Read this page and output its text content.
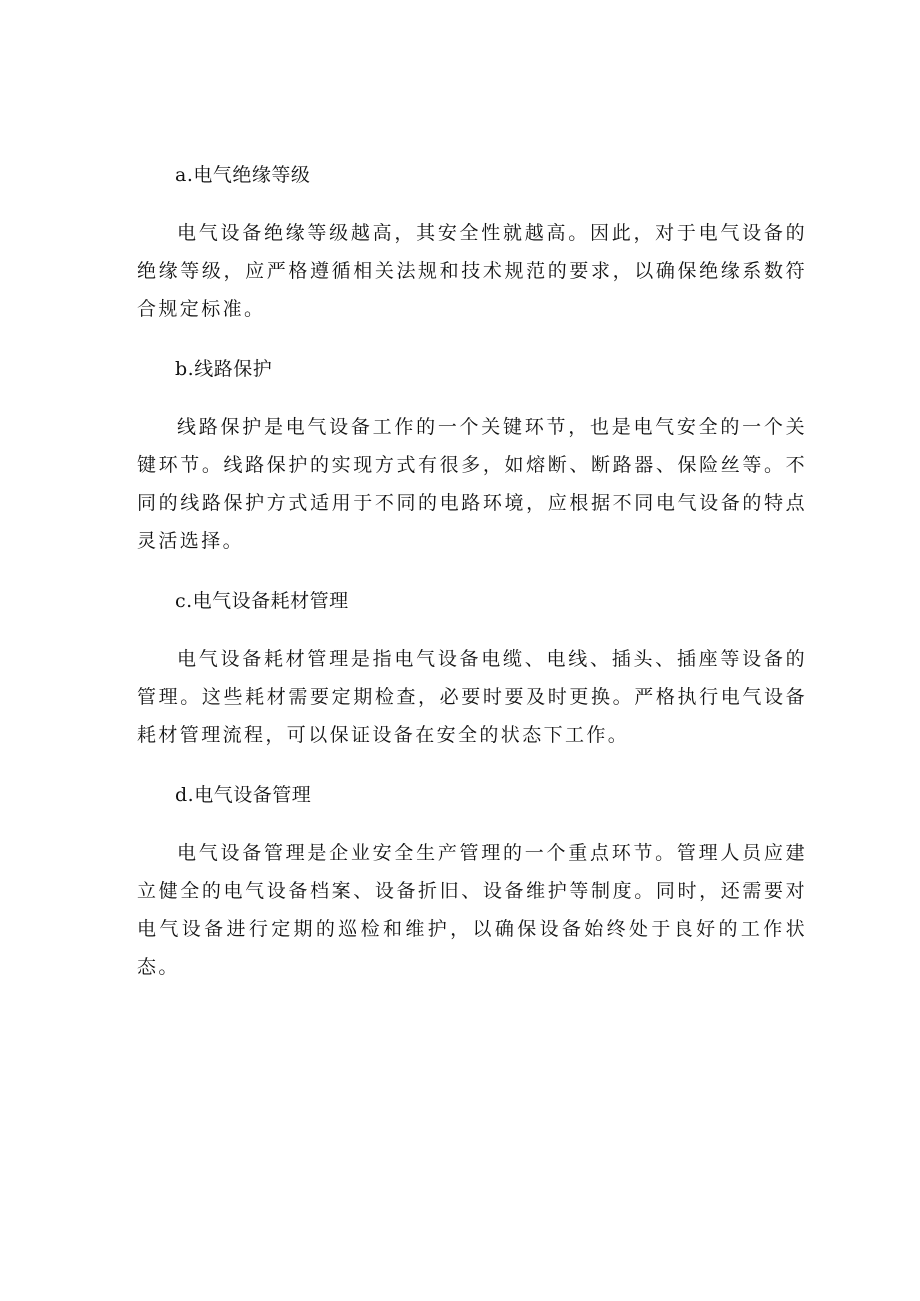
a.电气绝缘等级

电气设备绝缘等级越高，其安全性就越高。因此，对于电气设备的绝缘等级，应严格遵循相关法规和技术规范的要求，以确保绝缘系数符合规定标准。

b.线路保护

线路保护是电气设备工作的一个关键环节，也是电气安全的一个关键环节。线路保护的实现方式有很多，如熔断、断路器、保险丝等。不同的线路保护方式适用于不同的电路环境，应根据不同电气设备的特点灵活选择。

c.电气设备耗材管理

电气设备耗材管理是指电气设备电缆、电线、插头、插座等设备的管理。这些耗材需要定期检查，必要时要及时更换。严格执行电气设备耗材管理流程，可以保证设备在安全的状态下工作。

d.电气设备管理

电气设备管理是企业安全生产管理的一个重点环节。管理人员应建立健全的电气设备档案、设备折旧、设备维护等制度。同时，还需要对电气设备进行定期的巡检和维护，以确保设备始终处于良好的工作状态。
